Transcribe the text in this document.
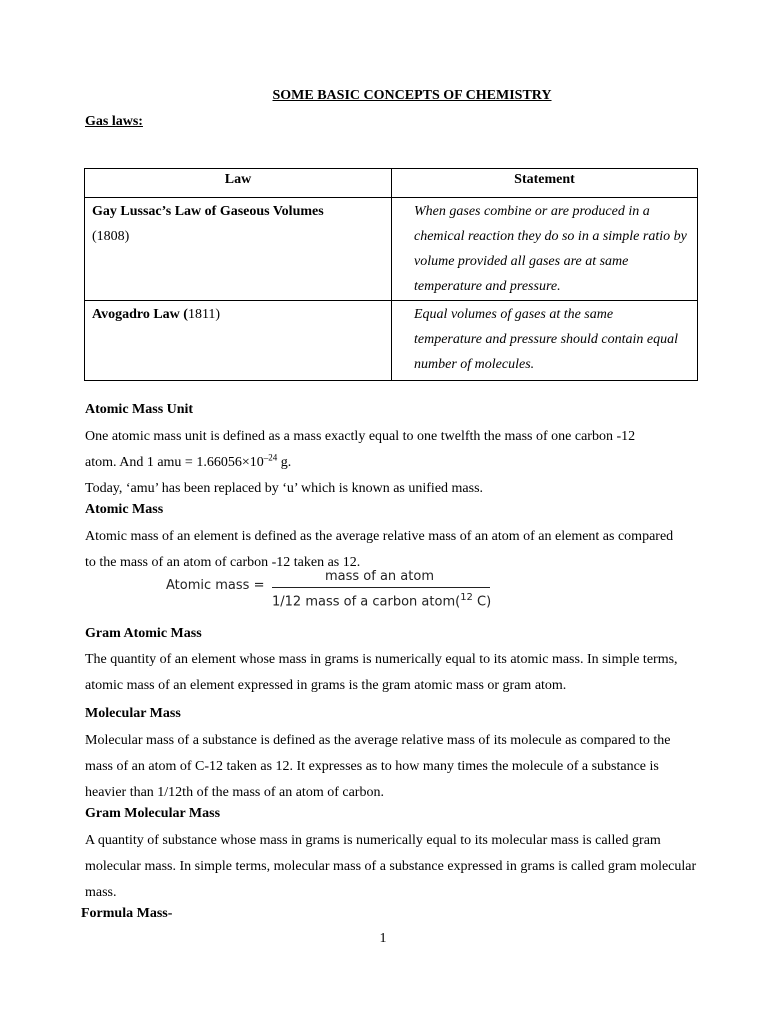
SOME BASIC CONCEPTS OF CHEMISTRY
Gas laws:
Law	Statement
Gay Lussac’s Law of Gaseous Volumes
(1808)	When gases combine or are produced in a chemical reaction they do so in a simple ratio by volume provided all gases are at same temperature and pressure.
Avogadro Law (1811)	Equal volumes of gases at the same temperature and pressure should contain equal number of molecules.
Atomic Mass Unit
One atomic mass unit is defined as a mass exactly equal to one twelfth the mass of one carbon -12
atom. And 1 amu = $1.66056\times 10^{-24}$ g.
Today, ‘amu’ has been replaced by ‘u’ which is known as unified mass.
Atomic Mass
Atomic mass of an element is defined as the average relative mass of an atom of an element as compared to the mass of an atom of carbon -12 taken as 12.
Atomic mass =
mass of an atom
1/12 mass of a carbon atom($^{12}$ C)
Gram Atomic Mass
The quantity of an element whose mass in grams is numerically equal to its atomic mass. In simple terms, atomic mass of an element expressed in grams is the gram atomic mass or gram atom.
Molecular Mass
Molecular mass of a substance is defined as the average relative mass of its molecule as compared to the mass of an atom of C-12 taken as 12. It expresses as to how many times the molecule of a substance is heavier than 1/12th of the mass of an atom of carbon.
Gram Molecular Mass
A quantity of substance whose mass in grams is numerically equal to its molecular mass is called gram molecular mass. In simple terms, molecular mass of a substance expressed in grams is called gram molecular mass.
Formula Mass-
1
